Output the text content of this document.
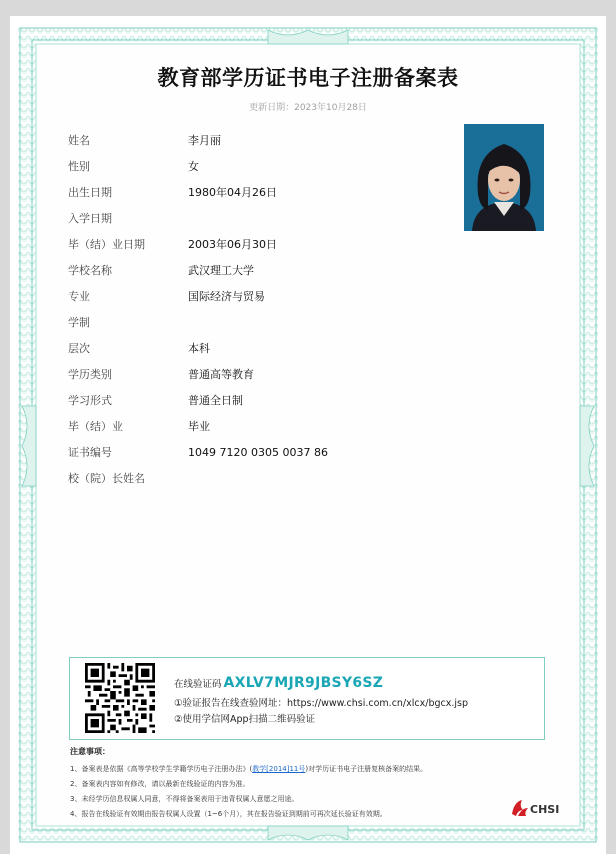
教育部学历证书电子注册备案表
更新日期：2023年10月28日
姓名	李月丽
性别	女
出生日期	1980年04月26日
入学日期
毕（结）业日期	2003年06月30日
学校名称	武汉理工大学
专业	国际经济与贸易
学制
层次	本科
学历类别	普通高等教育
学习形式	普通全日制
毕（结）业	毕业
证书编号	1049 7120 0305 0037 86
校（院）长姓名
在线验证码 AXLV7MJR9JBSY6SZ
①验证报告在线查验网址：https://www.chsi.com.cn/xlcx/bgcx.jsp
②使用学信网App扫描二维码验证
注意事项：
1、备案表是依据《高等学校学生学籍学历电子注册办法》(教学[2014]11号)对学历证书电子注册复核备案的结果。
2、备案表内容如有修改，请以最新在线验证的内容为准。
3、未经学历信息权属人同意，不得将备案表用于违背权属人意愿之用途。
4、报告在线验证有效期由报告权属人设置（1~6个月），其在报告验证到期前可再次延长验证有效期。	CHSI
